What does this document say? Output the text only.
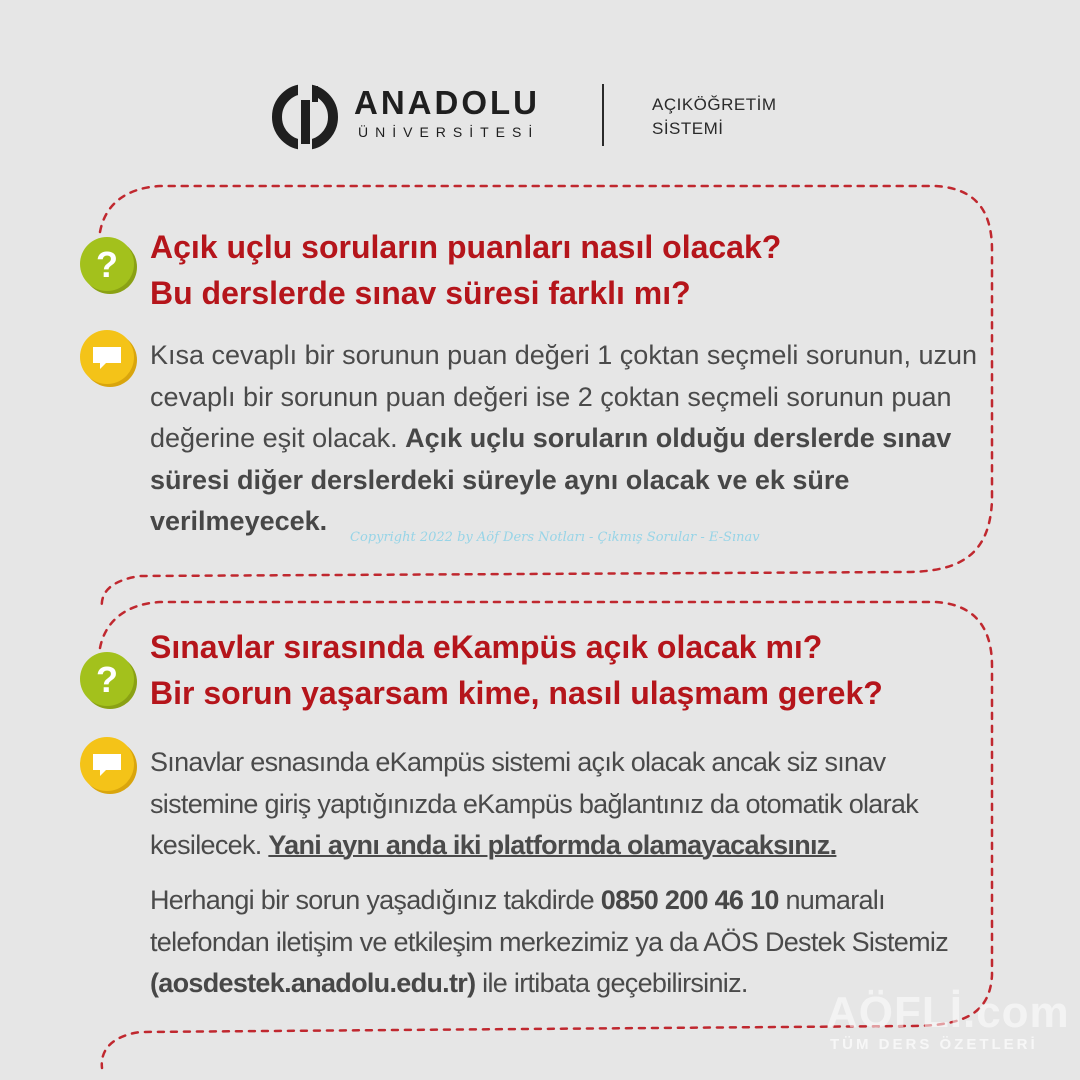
ANADOLU
ÜNİVERSİTESİ
AÇIKÖĞRETİM
SİSTEMİ
? Açık uçlu soruların puanları nasıl olacak?
Bu derslerde sınav süresi farklı mı?
Kısa cevaplı bir sorunun puan değeri 1 çoktan seçmeli sorunun, uzun cevaplı bir sorunun puan değeri ise 2 çoktan seçmeli sorunun puan değerine eşit olacak. Açık uçlu soruların olduğu derslerde sınav süresi diğer derslerdeki süreyle aynı olacak ve ek süre verilmeyecek.
Copyright 2022 by Aöf Ders Notları - Çıkmış Sorular - E-Sınav
?
Sınavlar sırasında eKampüs açık olacak mı?
Bir sorun yaşarsam kime, nasıl ulaşmam gerek?
Sınavlar esnasında eKampüs sistemi açık olacak ancak siz sınav sistemine giriş yaptığınızda eKampüs bağlantınız da otomatik olarak kesilecek. Yani aynı anda iki platformda olamayacaksınız.
Herhangi bir sorun yaşadığınız takdirde 0850 200 46 10 numaralı telefondan iletişim ve etkileşim merkezimiz ya da AÖS Destek Sistemiz (aosdestek.anadolu.edu.tr) ile irtibata geçebilirsiniz.
AÖFLİ.com
TÜM DERS ÖZETLERİ
